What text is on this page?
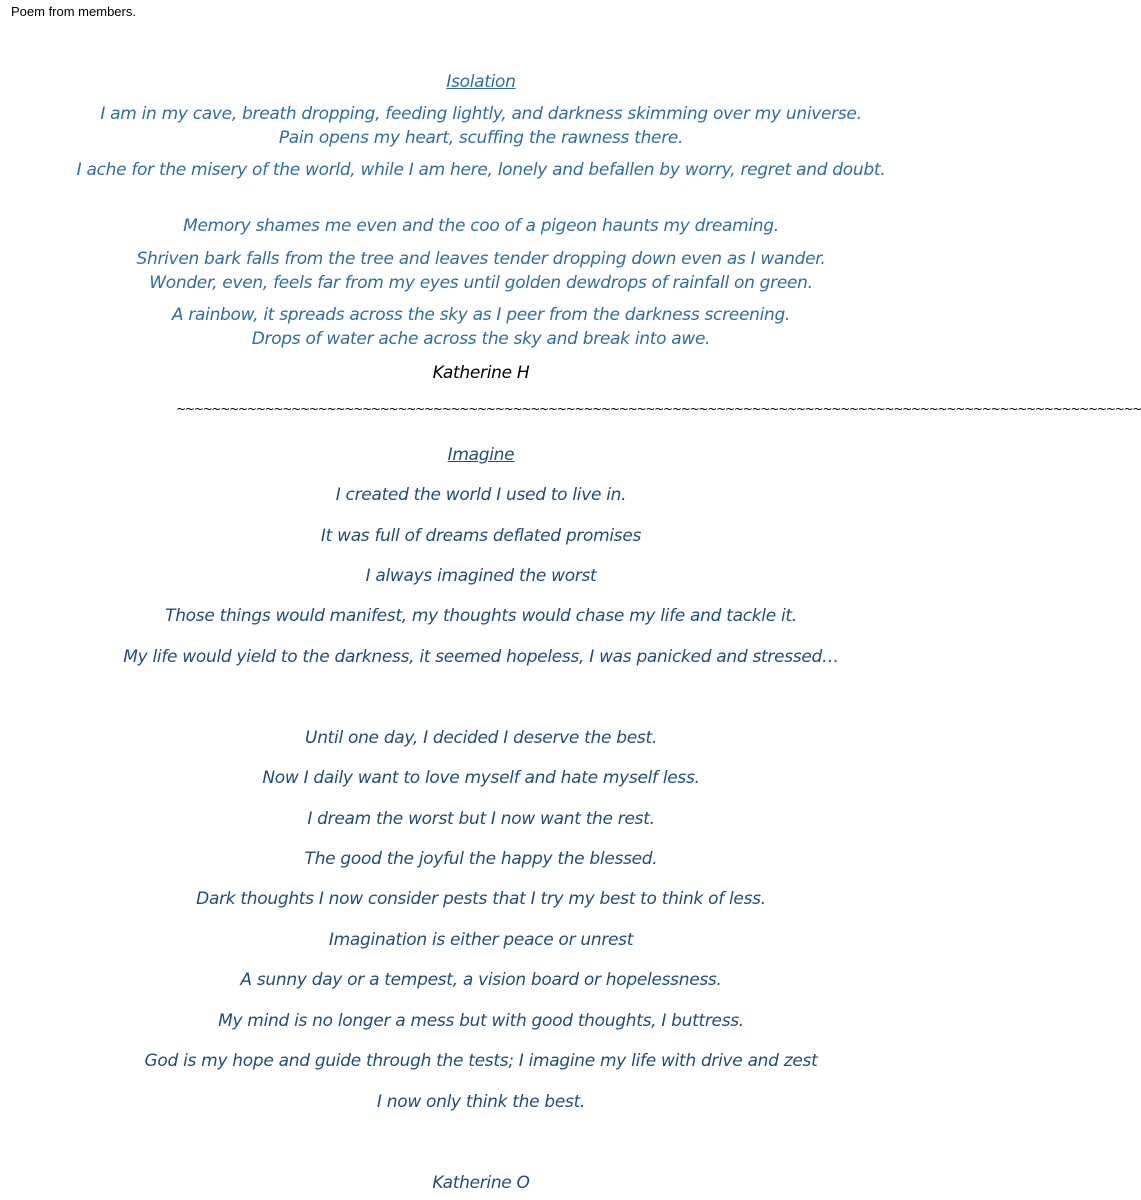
Poem from members.
Isolation
I am in my cave, breath dropping, feeding lightly, and darkness skimming over my universe.
Pain opens my heart, scuffing the rawness there.
I ache for the misery of the world, while I am here, lonely and befallen by worry, regret and doubt.
Memory shames me even and the coo of a pigeon haunts my dreaming.
Shriven bark falls from the tree and leaves tender dropping down even as I wander.
Wonder, even, feels far from my eyes until golden dewdrops of rainfall on green.
A rainbow, it spreads across the sky as I peer from the darkness screening.
Drops of water ache across the sky and break into awe.
Katherine H
~~~~~~~~~~~~~~~~~~~~~~~~~~~~~~~~~~~~~~~~~~~~~~~~~~~~~~~~~~~~~~~~~~~~~~~~~~~~~~~~~~~~~~~~~~~~~~~~~~~~~~~~~~~~~
Imagine
I created the world I used to live in.
It was full of dreams deflated promises
I always imagined the worst
Those things would manifest, my thoughts would chase my life and tackle it.
My life would yield to the darkness, it seemed hopeless, I was panicked and stressed…
Until one day, I decided I deserve the best.
Now I daily want to love myself and hate myself less.
I dream the worst but I now want the rest.
The good the joyful the happy the blessed.
Dark thoughts I now consider pests that I try my best to think of less.
Imagination is either peace or unrest
A sunny day or a tempest, a vision board or hopelessness.
My mind is no longer a mess but with good thoughts, I buttress.
God is my hope and guide through the tests; I imagine my life with drive and zest
I now only think the best.
Katherine O
